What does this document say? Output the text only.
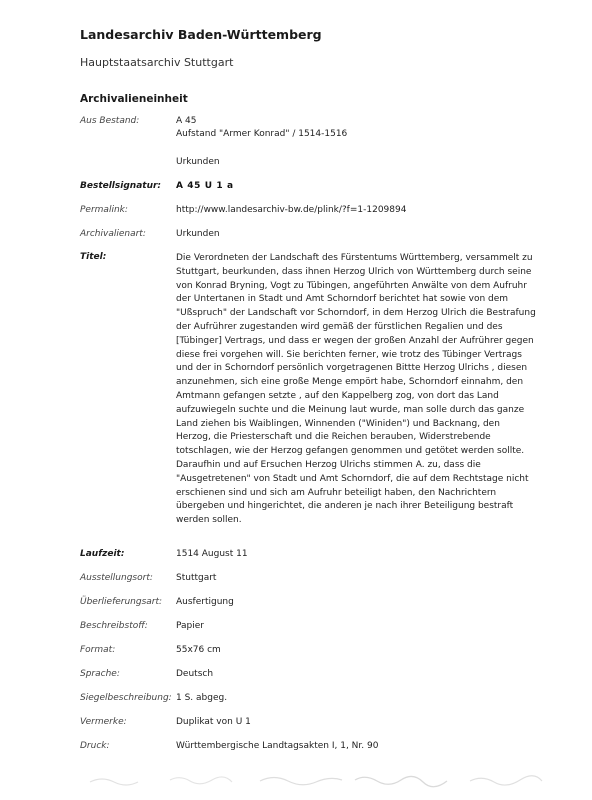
Landesarchiv Baden-Württemberg
Hauptstaatsarchiv Stuttgart
Archivalieneinheit
Aus Bestand:	A 45
Aufstand "Armer Konrad" / 1514-1516
Urkunden
Bestellsignatur: A 45 U 1 a
Permalink:	http://www.landesarchiv-bw.de/plink/?f=1-1209894
Archivalienart:	Urkunden
Titel:	Die Verordneten der Landschaft des Fürstentums Württemberg, versammelt zu Stuttgart, beurkunden, dass ihnen Herzog Ulrich von Württemberg durch seine von Konrad Bryning, Vogt zu Tübingen, angeführten Anwälte von dem Aufruhr der Untertanen in Stadt und Amt Schorndorf berichtet hat sowie von dem "Ußspruch" der Landschaft vor Schorndorf, in dem Herzog Ulrich die Bestrafung der Aufrührer zugestanden wird gemäß der fürstlichen Regalien und des [Tübinger] Vertrags, und dass er wegen der großen Anzahl der Aufrührer gegen diese frei vorgehen will. Sie berichten ferner, wie trotz des Tübinger Vertrags und der in Schorndorf persönlich vorgetragenen Bittte Herzog Ulrichs , diesen anzunehmen, sich eine große Menge empört habe, Schorndorf einnahm, den Amtmann gefangen setzte , auf den Kappelberg zog, von dort das Land aufzuwiegeln suchte und die Meinung laut wurde, man solle durch das ganze Land ziehen bis Waiblingen, Winnenden ("Winiden") und Backnang, den Herzog, die Priesterschaft und die Reichen berauben, Widerstrebende totschlagen, wie der Herzog gefangen genommen und getötet werden sollte. Daraufhin und auf Ersuchen Herzog Ulrichs stimmen A. zu, dass die "Ausgetretenen" von Stadt und Amt Schorndorf, die auf dem Rechtstage nicht erschienen sind und sich am Aufruhr beteiligt haben, den Nachrichtern übergeben und hingerichtet, die anderen je nach ihrer Beteiligung bestraft werden sollen.
Laufzeit:	1514 August 11
Ausstellungsort:	Stuttgart
Überlieferungsart: Ausfertigung
Beschreibstoff:	Papier
Format:	55x76 cm
Sprache:	Deutsch
Siegelbeschreibung: 1 S. abgeg.
Vermerke:	Duplikat von U 1
Druck:	Württembergische Landtagsakten I, 1, Nr. 90
